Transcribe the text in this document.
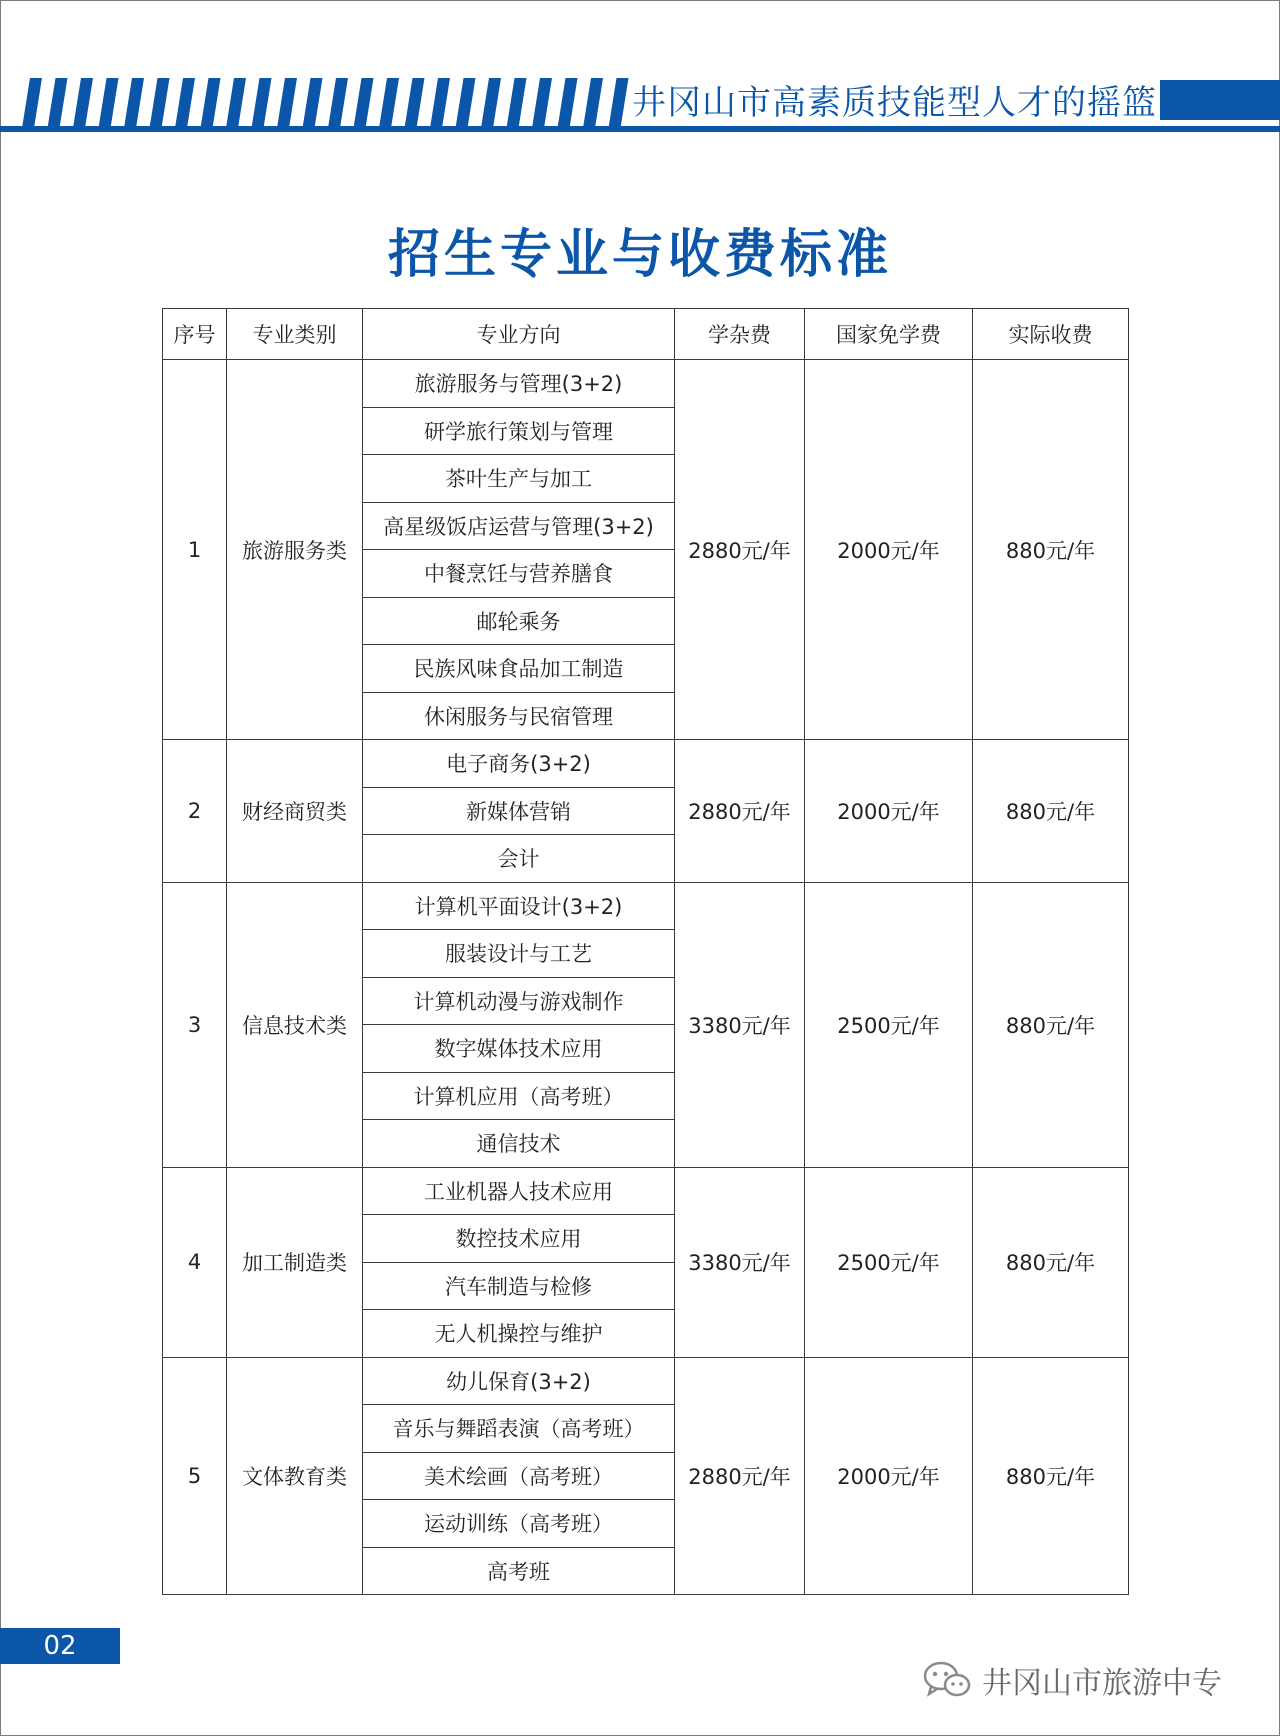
井冈山市高素质技能型人才的摇篮
招生专业与收费标准
序号	专业类别	专业方向	学杂费	国家免学费	实际收费
1	旅游服务类	旅游服务与管理(3+2)	2880元/年	2000元/年	880元/年
		研学旅行策划与管理			
		茶叶生产与加工			
		高星级饭店运营与管理(3+2)			
		中餐烹饪与营养膳食			
		邮轮乘务			
		民族风味食品加工制造			
		休闲服务与民宿管理			
2	财经商贸类	电子商务(3+2)	2880元/年	2000元/年	880元/年
		新媒体营销			
		会计			
3	信息技术类	计算机平面设计(3+2)	3380元/年	2500元/年	880元/年
		服装设计与工艺			
		计算机动漫与游戏制作			
		数字媒体技术应用			
		计算机应用（高考班）			
		通信技术			
4	加工制造类	工业机器人技术应用	3380元/年	2500元/年	880元/年
		数控技术应用			
		汽车制造与检修			
		无人机操控与维护			
5	文体教育类	幼儿保育(3+2)	2880元/年	2000元/年	880元/年
		音乐与舞蹈表演（高考班）			
		美术绘画（高考班）			
		运动训练（高考班）			
		高考班			
02
井冈山市旅游中专
